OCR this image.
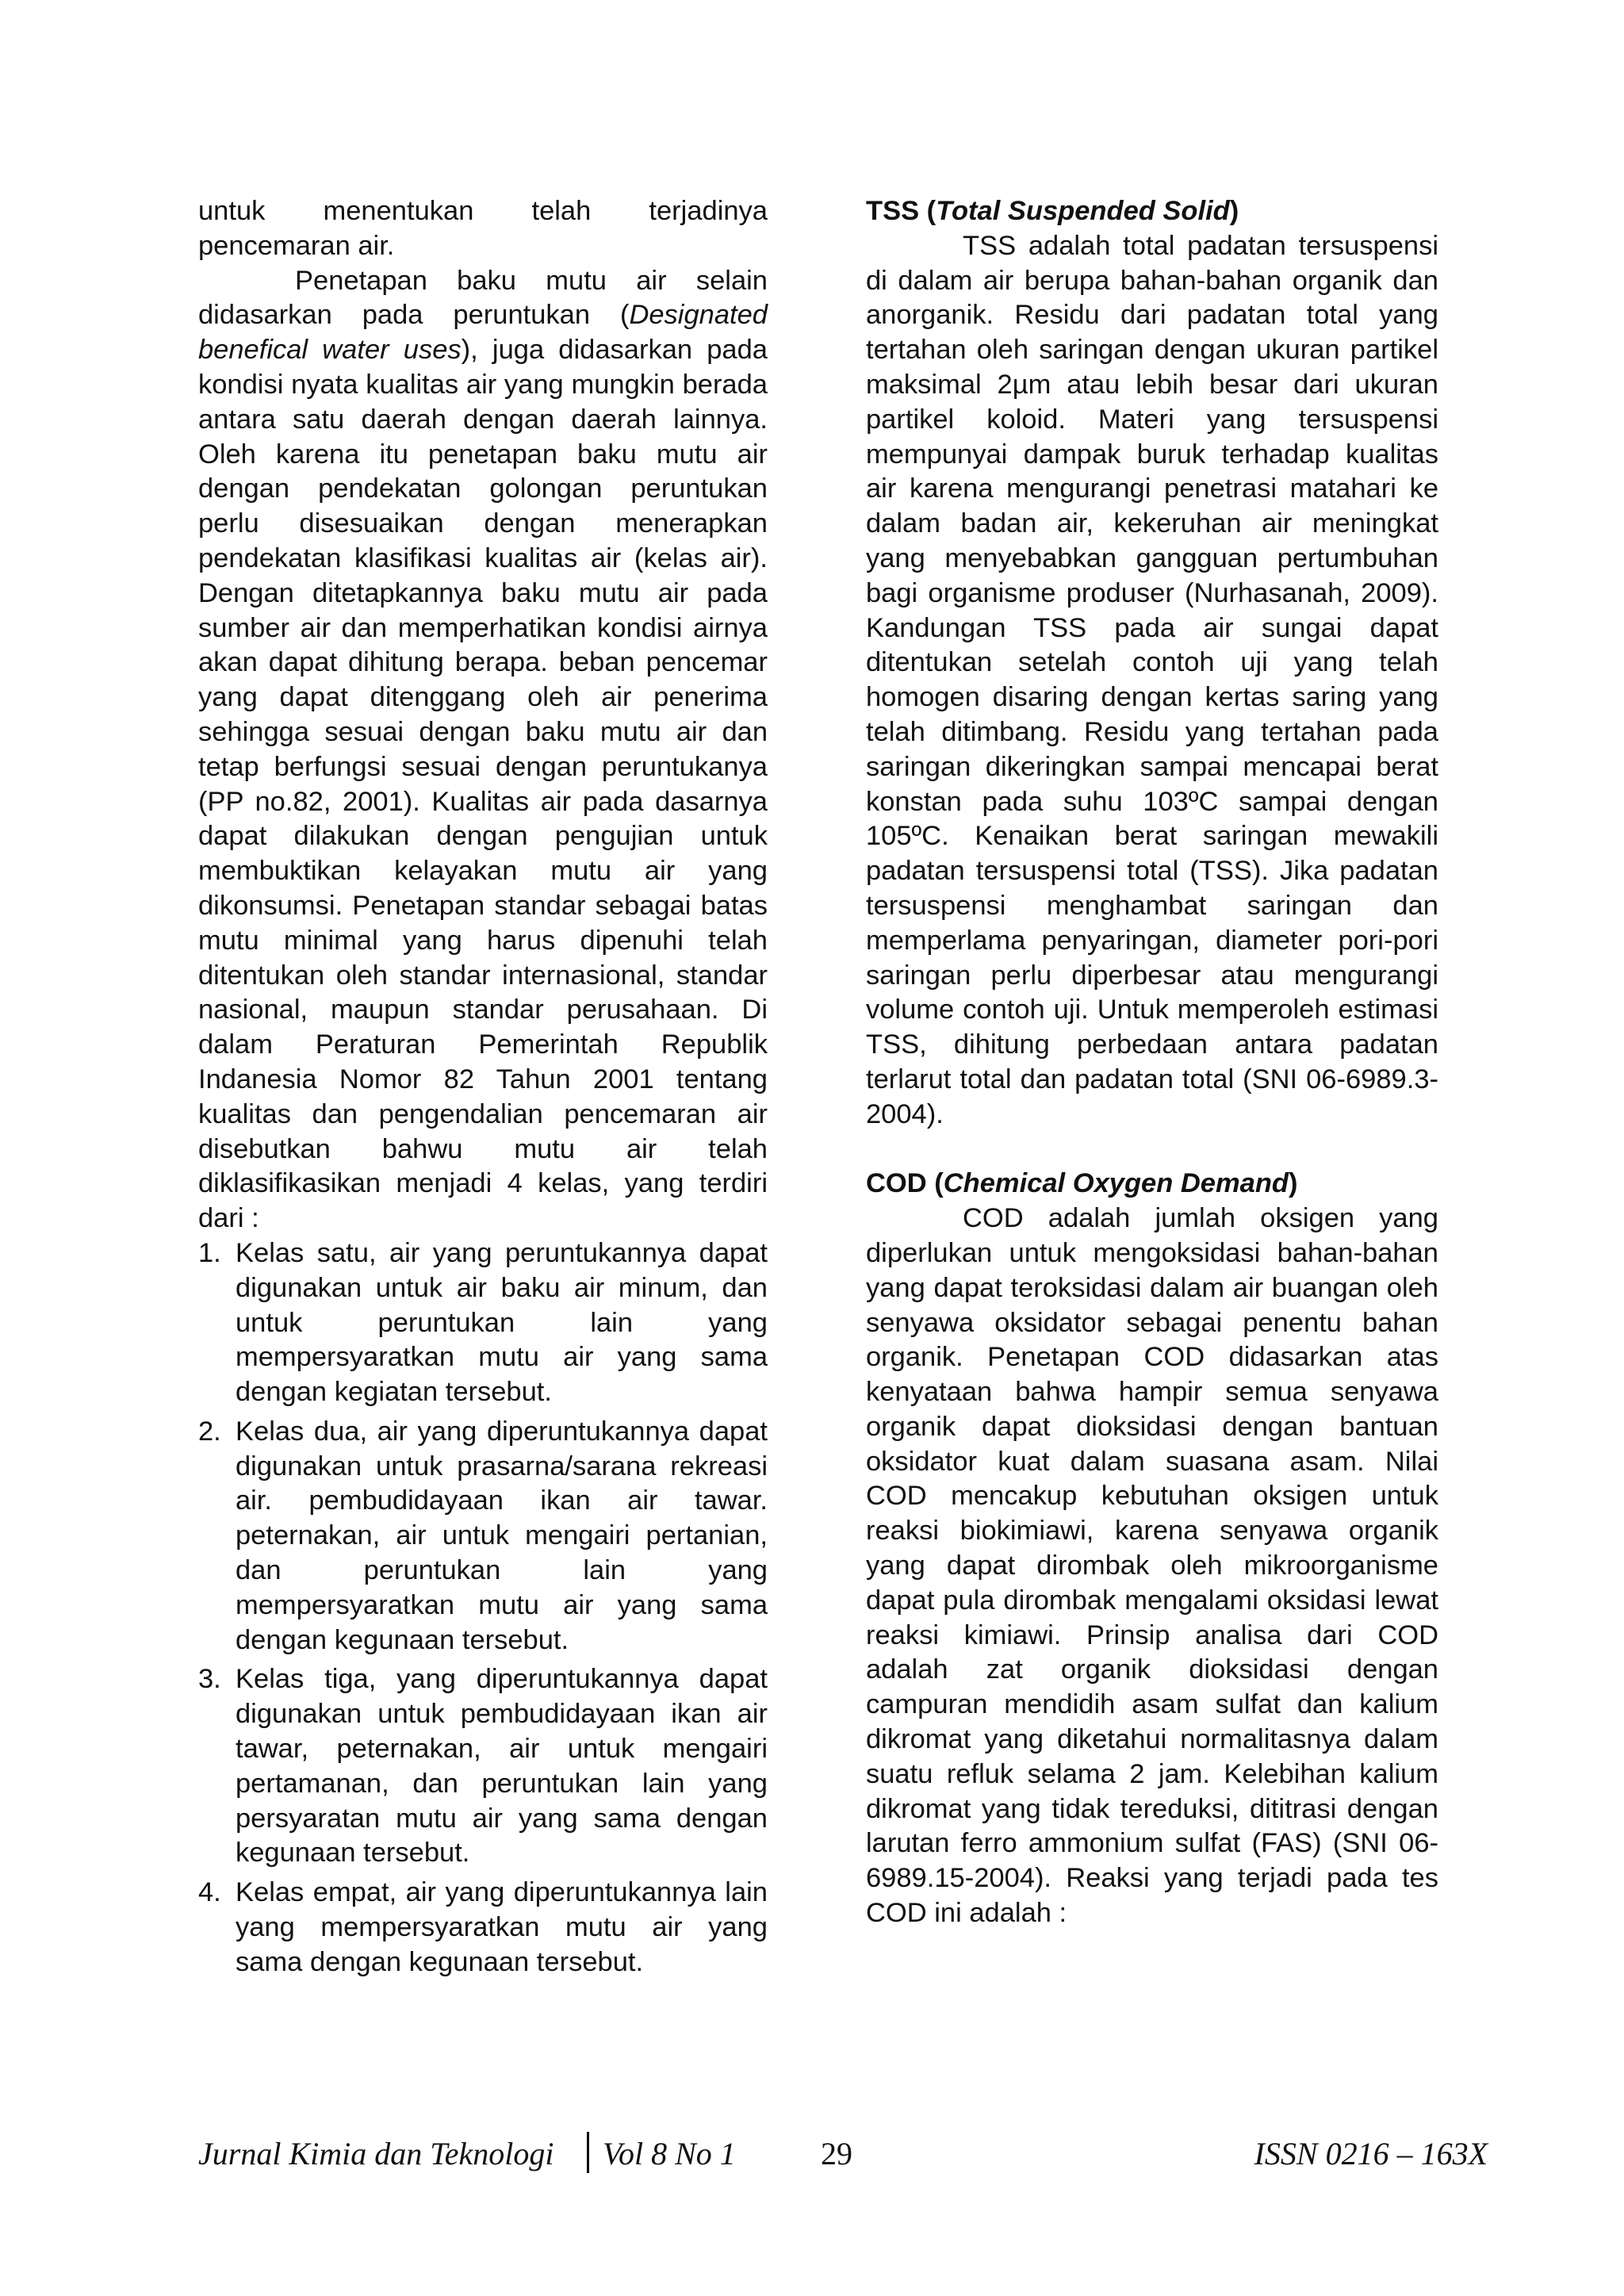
untuk menentukan telah terjadinya pencemaran air.

Penetapan baku mutu air selain didasarkan pada peruntukan (Designated benefical water uses), juga didasarkan pada kondisi nyata kualitas air yang mungkin berada antara satu daerah dengan daerah lainnya. Oleh karena itu penetapan baku mutu air dengan pendekatan golongan peruntukan perlu disesuaikan dengan menerapkan pendekatan klasifikasi kualitas air (kelas air). Dengan ditetapkannya baku mutu air pada sumber air dan memperhatikan kondisi airnya akan dapat dihitung berapa. beban pencemar yang dapat ditenggang oleh air penerima sehingga sesuai dengan baku mutu air dan tetap berfungsi sesuai dengan peruntukanya (PP no.82, 2001). Kualitas air pada dasarnya dapat dilakukan dengan pengujian untuk membuktikan kelayakan mutu air yang dikonsumsi. Penetapan standar sebagai batas mutu minimal yang harus dipenuhi telah ditentukan oleh standar internasional, standar nasional, maupun standar perusahaan. Di dalam Peraturan Pemerintah Republik Indanesia Nomor 82 Tahun 2001 tentang kualitas dan pengendalian pencemaran air disebutkan bahwu mutu air telah diklasifikasikan menjadi 4 kelas, yang terdiri dari :

1. Kelas satu, air yang peruntukannya dapat digunakan untuk air baku air minum, dan untuk peruntukan lain yang mempersyaratkan mutu air yang sama dengan kegiatan tersebut.
2. Kelas dua, air yang diperuntukannya dapat digunakan untuk prasarna/sarana rekreasi air. pembudidayaan ikan air tawar. peternakan, air untuk mengairi pertanian, dan peruntukan lain yang mempersyaratkan mutu air yang sama dengan kegunaan tersebut.
3. Kelas tiga, yang diperuntukannya dapat digunakan untuk pembudidayaan ikan air tawar, peternakan, air untuk mengairi pertamanan, dan peruntukan lain yang persyaratan mutu air yang sama dengan kegunaan tersebut.
4. Kelas empat, air yang diperuntukannya lain yang mempersyaratkan mutu air yang sama dengan kegunaan tersebut.

TSS (Total Suspended Solid)

TSS adalah total padatan tersuspensi di dalam air berupa bahan-bahan organik dan anorganik. Residu dari padatan total yang tertahan oleh saringan dengan ukuran partikel maksimal 2µm atau lebih besar dari ukuran partikel koloid. Materi yang tersuspensi mempunyai dampak buruk terhadap kualitas air karena mengurangi penetrasi matahari ke dalam badan air, kekeruhan air meningkat yang menyebabkan gangguan pertumbuhan bagi organisme produser (Nurhasanah, 2009). Kandungan TSS pada air sungai dapat ditentukan setelah contoh uji yang telah homogen disaring dengan kertas saring yang telah ditimbang. Residu yang tertahan pada saringan dikeringkan sampai mencapai berat konstan pada suhu 103ºC sampai dengan 105ºC. Kenaikan berat saringan mewakili padatan tersuspensi total (TSS). Jika padatan tersuspensi menghambat saringan dan memperlama penyaringan, diameter pori-pori saringan perlu diperbesar atau mengurangi volume contoh uji. Untuk memperoleh estimasi TSS, dihitung perbedaan antara padatan terlarut total dan padatan total (SNI 06-6989.3-2004).

COD (Chemical Oxygen Demand)

COD adalah jumlah oksigen yang diperlukan untuk mengoksidasi bahan-bahan yang dapat teroksidasi dalam air buangan oleh senyawa oksidator sebagai penentu bahan organik. Penetapan COD didasarkan atas kenyataan bahwa hampir semua senyawa organik dapat dioksidasi dengan bantuan oksidator kuat dalam suasana asam. Nilai COD mencakup kebutuhan oksigen untuk reaksi biokimiawi, karena senyawa organik yang dapat dirombak oleh mikroorganisme dapat pula dirombak mengalami oksidasi lewat reaksi kimiawi. Prinsip analisa dari COD adalah zat organik dioksidasi dengan campuran mendidih asam sulfat dan kalium dikromat yang diketahui normalitasnya dalam suatu refluk selama 2 jam. Kelebihan kalium dikromat yang tidak tereduksi, dititrasi dengan larutan ferro ammonium sulfat (FAS) (SNI 06-6989.15-2004). Reaksi yang terjadi pada tes COD ini adalah :

Jurnal Kimia dan Teknologi Vol 8 No 1	29	ISSN 0216 – 163X
